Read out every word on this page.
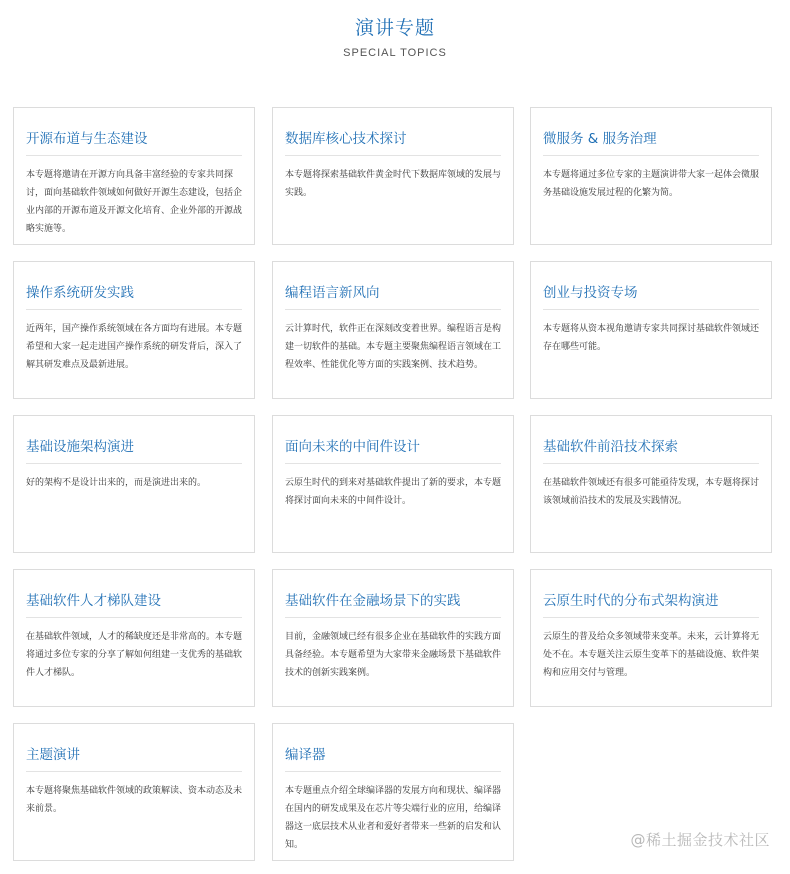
演讲专题
SPECIAL TOPICS
开源布道与生态建设
本专题将邀请在开源方向具备丰富经验的专家共同探讨，面向基础软件领域如何做好开源生态建设，包括企业内部的开源布道及开源文化培育、企业外部的开源战略实施等。
数据库核心技术探讨
本专题将探索基础软件黄金时代下数据库领域的发展与实践。
微服务 & 服务治理
本专题将通过多位专家的主题演讲带大家一起体会微服务基础设施发展过程的化繁为简。
操作系统研发实践
近两年，国产操作系统领域在各方面均有进展。本专题希望和大家一起走进国产操作系统的研发背后，深入了解其研发难点及最新进展。
编程语言新风向
云计算时代，软件正在深刻改变着世界。编程语言是构建一切软件的基础。本专题主要聚焦编程语言领域在工程效率、性能优化等方面的实践案例、技术趋势。
创业与投资专场
本专题将从资本视角邀请专家共同探讨基础软件领域还存在哪些可能。
基础设施架构演进
好的架构不是设计出来的，而是演进出来的。
面向未来的中间件设计
云原生时代的到来对基础软件提出了新的要求，本专题将探讨面向未来的中间件设计。
基础软件前沿技术探索
在基础软件领域还有很多可能亟待发现，本专题将探讨该领域前沿技术的发展及实践情况。
基础软件人才梯队建设
在基础软件领域，人才的稀缺度还是非常高的。本专题将通过多位专家的分享了解如何组建一支优秀的基础软件人才梯队。
基础软件在金融场景下的实践
目前，金融领域已经有很多企业在基础软件的实践方面具备经验。本专题希望为大家带来金融场景下基础软件技术的创新实践案例。
云原生时代的分布式架构演进
云原生的普及给众多领域带来变革。未来，云计算将无处不在。本专题关注云原生变革下的基础设施、软件架构和应用交付与管理。
主题演讲
本专题将聚焦基础软件领域的政策解读、资本动态及未来前景。
编译器
本专题重点介绍全球编译器的发展方向和现状、编译器在国内的研发成果及在芯片等尖端行业的应用，给编译器这一底层技术从业者和爱好者带来一些新的启发和认知。	@稀土掘金技术社区
